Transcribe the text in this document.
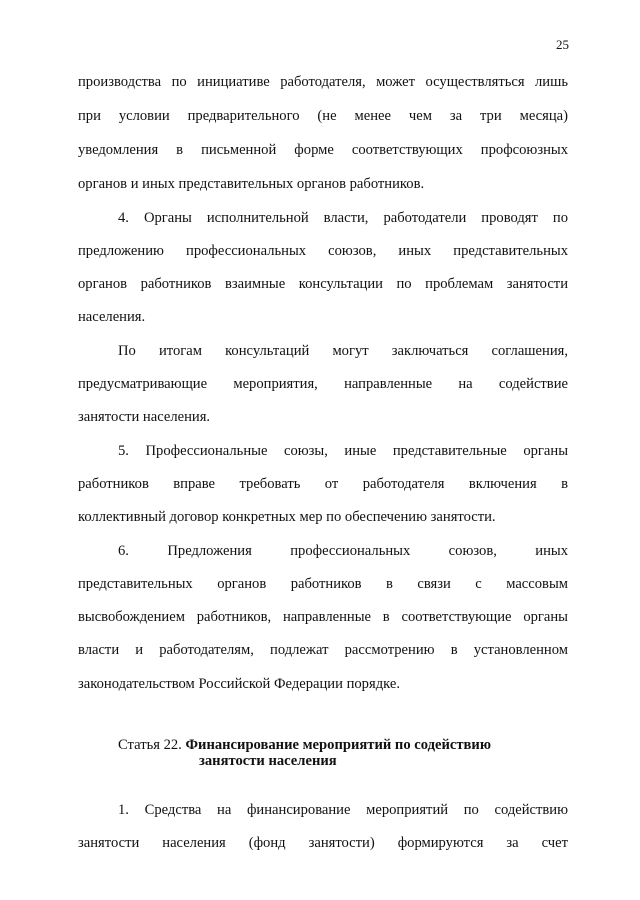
25
производства по инициативе работодателя, может осуществляться лишь
при условии предварительного (не менее чем за три месяца)
уведомления в письменной форме соответствующих профсоюзных
органов и иных представительных органов работников.
4. Органы исполнительной власти, работодатели проводят по
предложению профессиональных союзов, иных представительных
органов работников взаимные консультации по проблемам занятости
населения.
По итогам консультаций могут заключаться соглашения,
предусматривающие мероприятия, направленные на содействие
занятости населения.
5. Профессиональные союзы, иные представительные органы
работников вправе требовать от работодателя включения в
коллективный договор конкретных мер по обеспечению занятости.
6. Предложения профессиональных союзов, иных
представительных органов работников в связи с массовым
высвобождением работников, направленные в соответствующие органы
власти и работодателям, подлежат рассмотрению в установленном
законодательством Российской Федерации порядке.
Статья 22. Финансирование мероприятий по содействию
занятости населения
1. Средства на финансирование мероприятий по содействию
занятости населения (фонд занятости) формируются за счет
